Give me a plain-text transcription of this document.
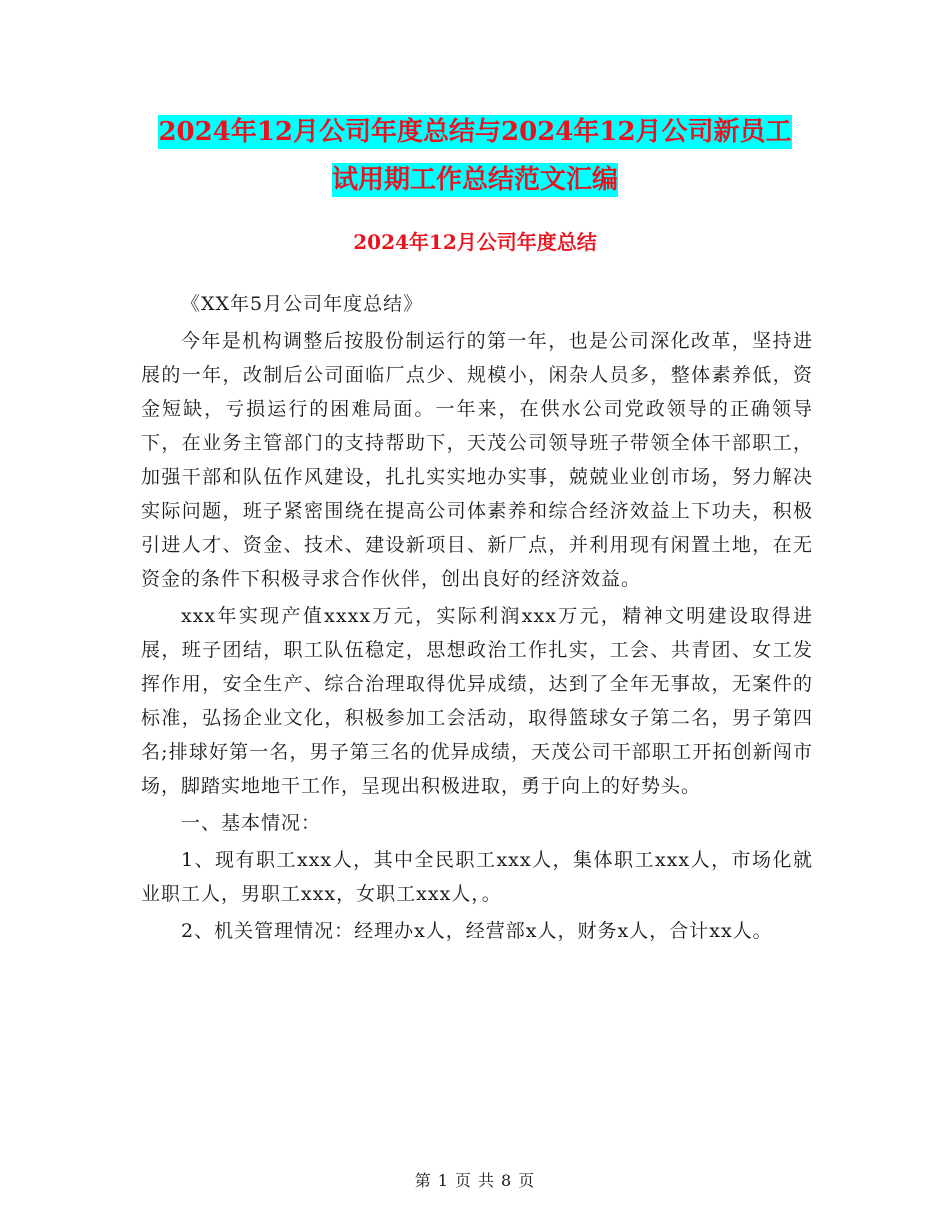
2024年12月公司年度总结与2024年12月公司新员工
试用期工作总结范文汇编
2024年12月公司年度总结

《XX年5月公司年度总结》

今年是机构调整后按股份制运行的第一年，也是公司深化改革，坚持进展的一年，改制后公司面临厂点少、规模小，闲杂人员多，整体素养低，资金短缺，亏损运行的困难局面。一年来，在供水公司党政领导的正确领导下，在业务主管部门的支持帮助下，天茂公司领导班子带领全体干部职工，加强干部和队伍作风建设，扎扎实实地办实事，兢兢业业创市场，努力解决实际问题，班子紧密围绕在提高公司体素养和综合经济效益上下功夫，积极引进人才、资金、技术、建设新项目、新厂点，并利用现有闲置土地，在无资金的条件下积极寻求合作伙伴，创出良好的经济效益。

xxx年实现产值xxxx万元，实际利润xxx万元，精神文明建设取得进展，班子团结，职工队伍稳定，思想政治工作扎实，工会、共青团、女工发挥作用，安全生产、综合治理取得优异成绩，达到了全年无事故，无案件的标准，弘扬企业文化，积极参加工会活动，取得篮球女子第二名，男子第四名;排球好第一名，男子第三名的优异成绩，天茂公司干部职工开拓创新闯市场，脚踏实地地干工作，呈现出积极进取，勇于向上的好势头。

一、基本情况：

1、现有职工xxx人，其中全民职工xxx人，集体职工xxx人，市场化就业职工人，男职工xxx，女职工xxx人，。

2、机关管理情况：经理办x人，经营部x人，财务x人，合计xx人。

第 1 页 共 8 页
